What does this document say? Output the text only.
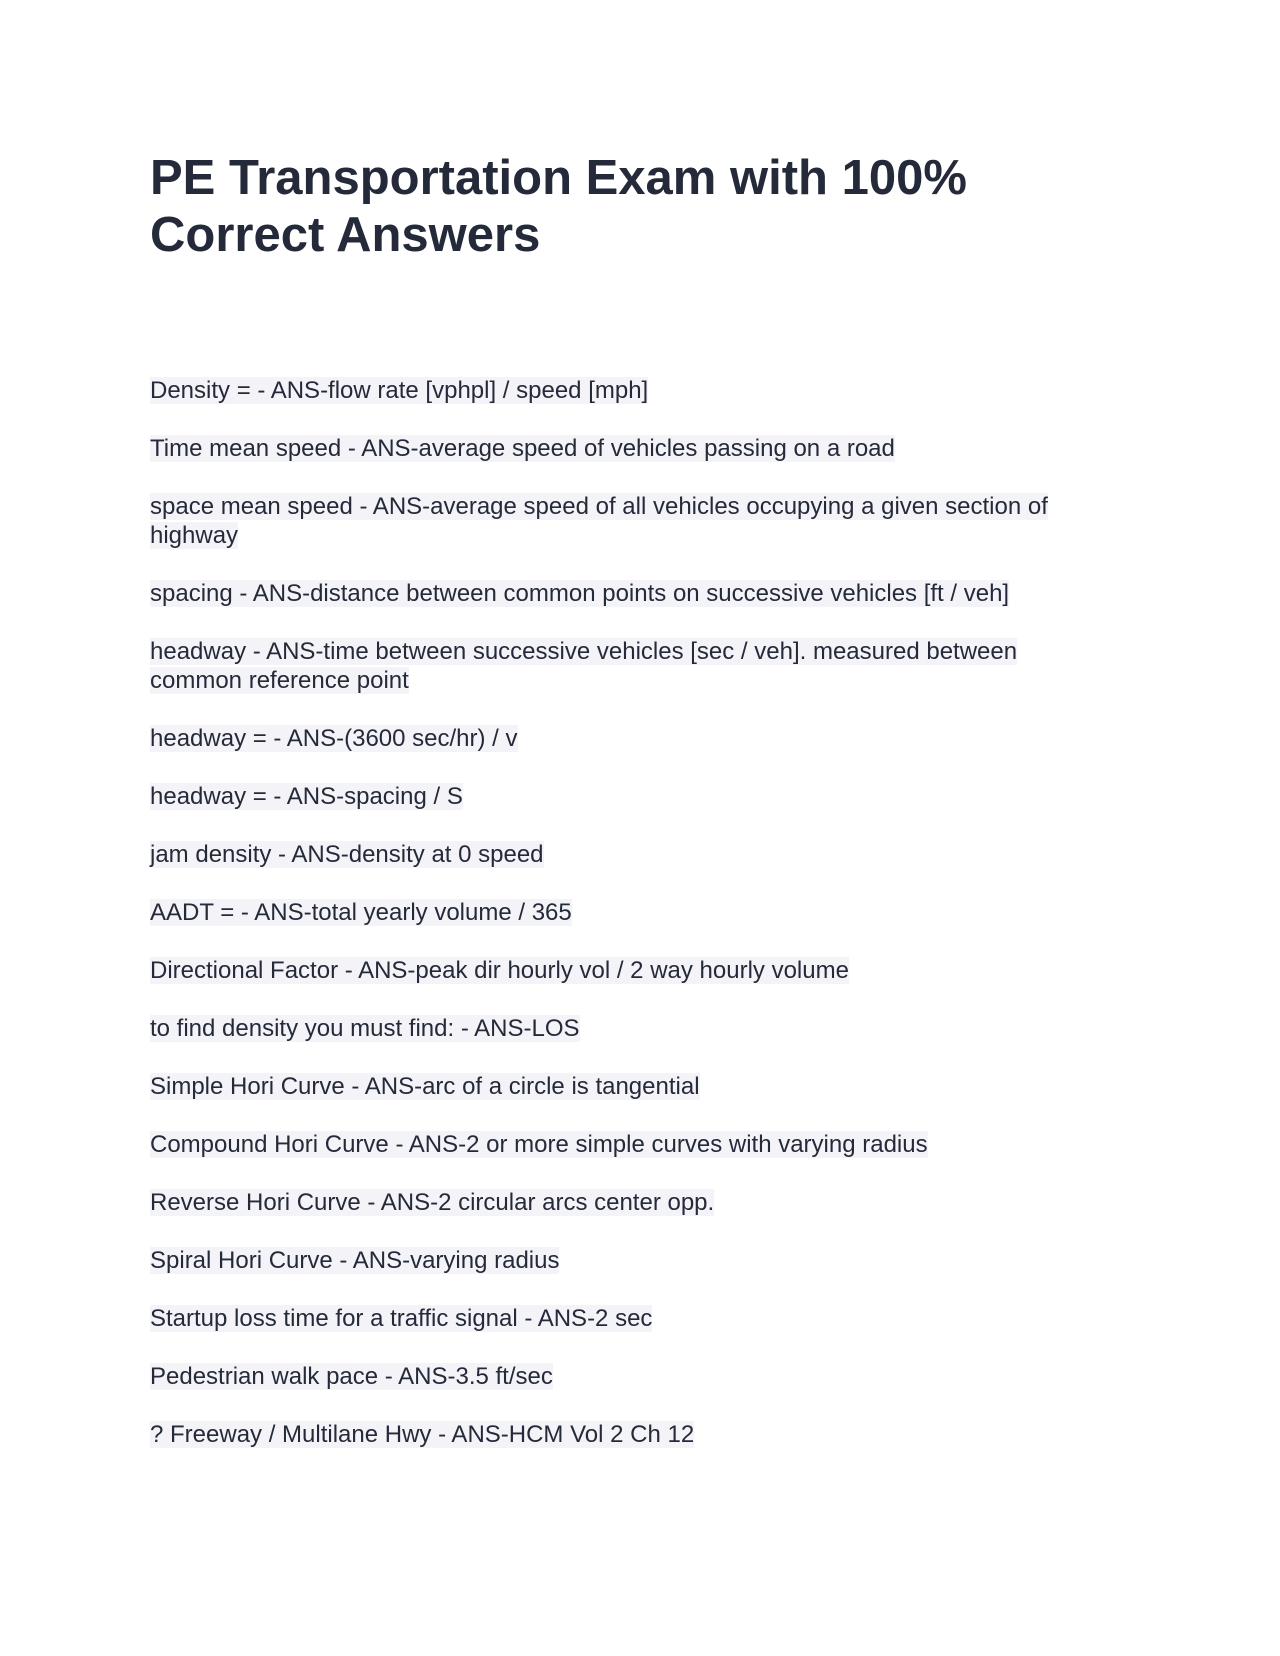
PE Transportation Exam with 100% Correct Answers

Density = - ANS-flow rate [vphpl] / speed [mph]

Time mean speed - ANS-average speed of vehicles passing on a road

space mean speed - ANS-average speed of all vehicles occupying a given section of highway

spacing - ANS-distance between common points on successive vehicles [ft / veh]

headway - ANS-time between successive vehicles [sec / veh]. measured between common reference point

headway = - ANS-(3600 sec/hr) / v

headway = - ANS-spacing / S

jam density - ANS-density at 0 speed

AADT = - ANS-total yearly volume / 365

Directional Factor - ANS-peak dir hourly vol / 2 way hourly volume

to find density you must find: - ANS-LOS

Simple Hori Curve - ANS-arc of a circle is tangential

Compound Hori Curve - ANS-2 or more simple curves with varying radius

Reverse Hori Curve - ANS-2 circular arcs center opp.

Spiral Hori Curve - ANS-varying radius

Startup loss time for a traffic signal - ANS-2 sec

Pedestrian walk pace - ANS-3.5 ft/sec

? Freeway / Multilane Hwy - ANS-HCM Vol 2 Ch 12
